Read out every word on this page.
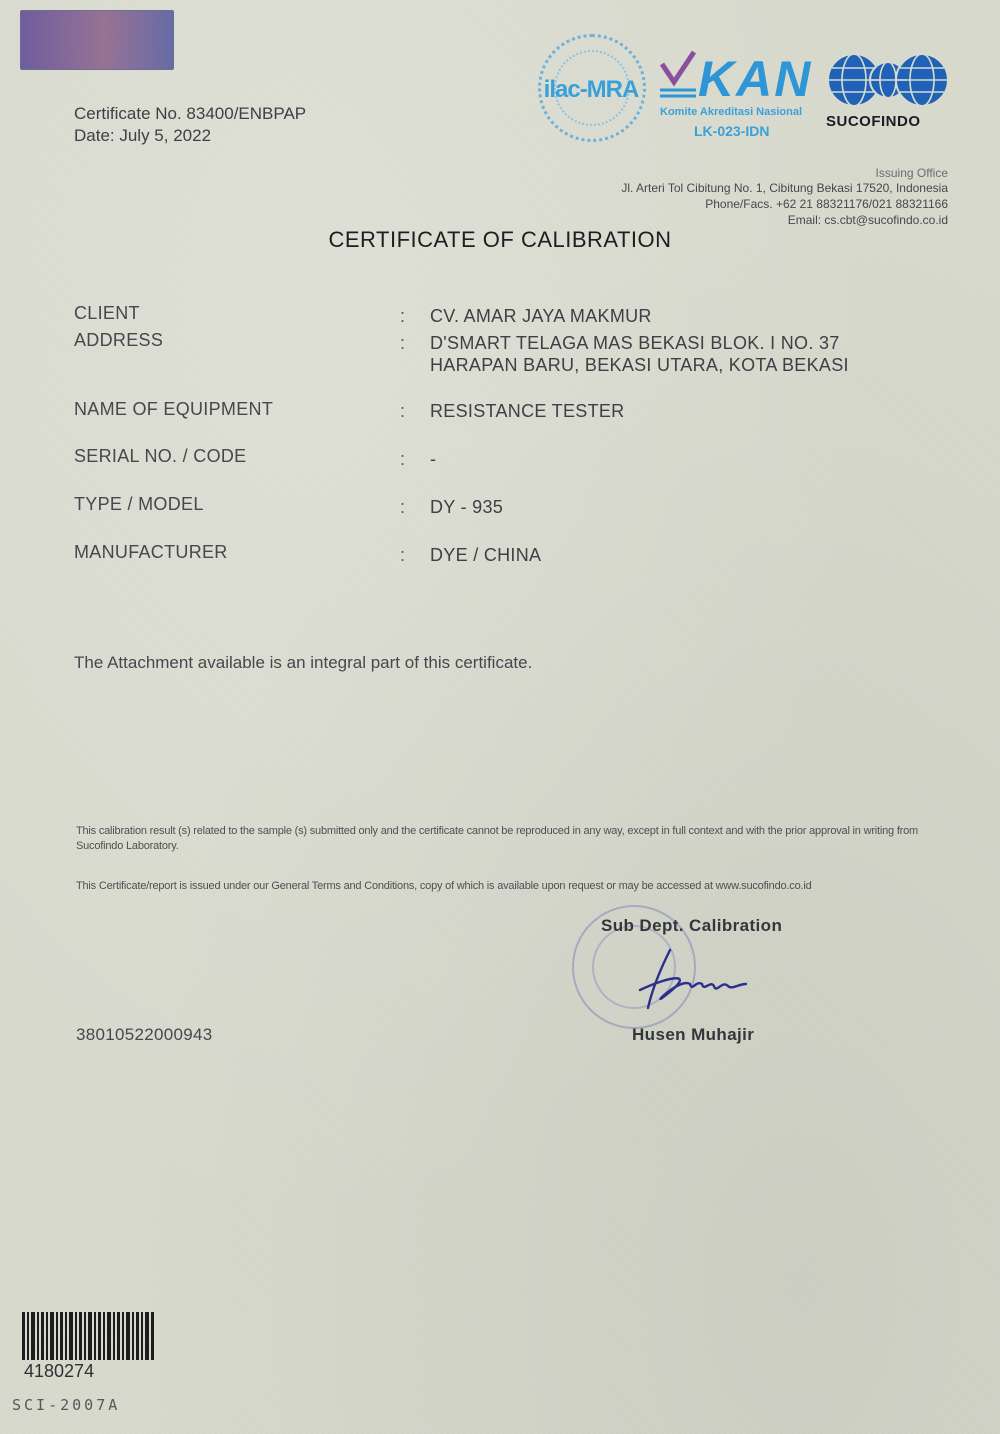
Certificate No. 83400/ENBPAP
Date: July 5, 2022
ilac-MRA KAN
Komite Akreditasi Nasional
LK-023-IDN
SUCOFINDO
Issuing Office
Jl. Arteri Tol Cibitung No. 1, Cibitung Bekasi 17520, Indonesia
Phone/Facs. +62 21 88321176/021 88321166
Email: cs.cbt@sucofindo.co.id
CERTIFICATE OF CALIBRATION
CLIENT	: CV. AMAR JAYA MAKMUR
ADDRESS	: D'SMART TELAGA MAS BEKASI BLOK. I NO. 37
HARAPAN BARU, BEKASI UTARA, KOTA BEKASI
NAME OF EQUIPMENT	: RESISTANCE TESTER
SERIAL NO. / CODE	: -
TYPE / MODEL	: DY - 935
MANUFACTURER	: DYE / CHINA
The Attachment available is an integral part of this certificate.
This calibration result (s) related to the sample (s) submitted only and the certificate cannot be reproduced in any way, except in full context and with the prior approval in writing from Sucofindo Laboratory.
This Certificate/report is issued under our General Terms and Conditions, copy of which is available upon request or may be accessed at www.sucofindo.co.id
Sub Dept. Calibration
Husen Muhajir
38010522000943
4180274
SCI-2007A
